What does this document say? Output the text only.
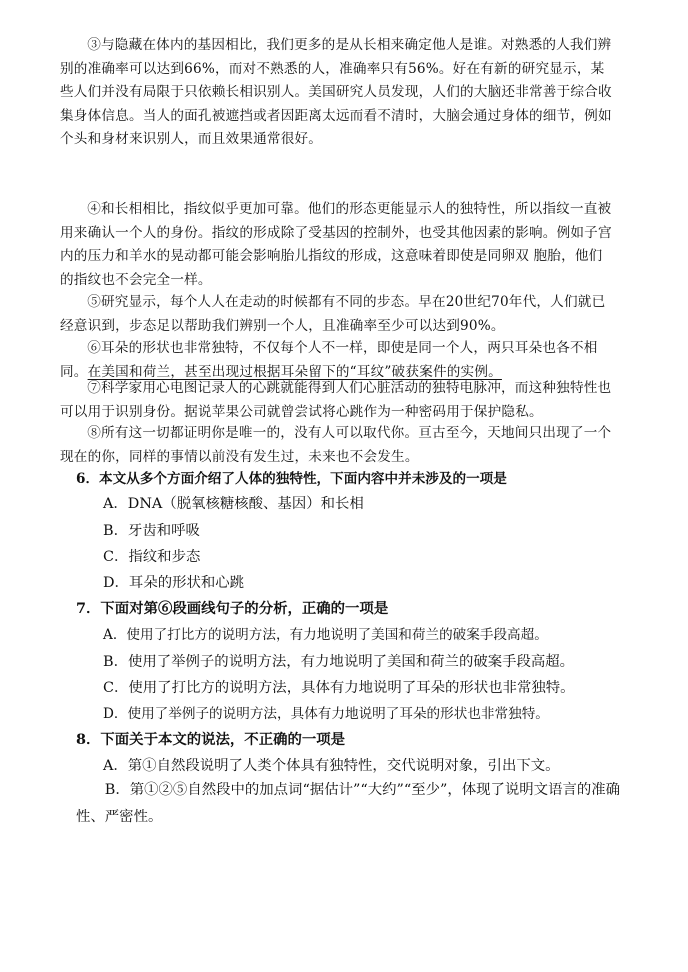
③与隐藏在体内的基因相比，我们更多的是从长相来确定他人是谁。对熟悉的人我们辨别的准确率可以达到66%，而对不熟悉的人，准确率只有56%。好在有新的研究显示，某些人们并没有局限于只依赖长相识别人。美国研究人员发现，人们的大脑还非常善于综合收集身体信息。当人的面孔被遮挡或者因距离太远而看不清时，大脑会通过身体的细节，例如个头和身材来识别人，而且效果通常很好。

④和长相相比，指纹似乎更加可靠。他们的形态更能显示人的独特性，所以指纹一直被用来确认一个人的身份。指纹的形成除了受基因的控制外，也受其他因素的影响。例如子宫内的压力和羊水的晃动都可能会影响胎儿指纹的形成，这意味着即使是同卵双 胞胎，他们的指纹也不会完全一样。

⑤研究显示，每个人人在走动的时候都有不同的步态。早在20世纪70年代，人们就已经意识到，步态足以帮助我们辨别一个人，且准确率至少可以达到90%。

⑥耳朵的形状也非常独特，不仅每个人不一样，即使是同一个人，两只耳朵也各不相同。在美国和荷兰，甚至出现过根据耳朵留下的“耳纹”破获案件的实例。

⑦科学家用心电图记录人的心跳就能得到人们心脏活动的独特电脉冲，而这种独特性也可以用于识别身份。据说苹果公司就曾尝试将心跳作为一种密码用于保护隐私。

⑧所有这一切都证明你是唯一的，没有人可以取代你。亘古至今，天地间只出现了一个现在的你，同样的事情以前没有发生过，未来也不会发生。

6．本文从多个方面介绍了人体的独特性，下面内容中并未涉及的一项是
A．DNA（脱氧核糖核酸、基因）和长相
B．牙齿和呼吸
C．指纹和步态
D．耳朵的形状和心跳
7．下面对第⑥段画线句子的分析，正确的一项是
A．使用了打比方的说明方法，有力地说明了美国和荷兰的破案手段高超。
B．使用了举例子的说明方法，有力地说明了美国和荷兰的破案手段高超。
C．使用了打比方的说明方法，具体有力地说明了耳朵的形状也非常独特。
D．使用了举例子的说明方法，具体有力地说明了耳朵的形状也非常独特。
8．下面关于本文的说法，不正确的一项是
A．第①自然段说明了人类个体具有独特性，交代说明对象，引出下文。
B．第①②⑤自然段中的加点词“据估计”“大约”“至少”，体现了说明文语言的准确性、严密性。
